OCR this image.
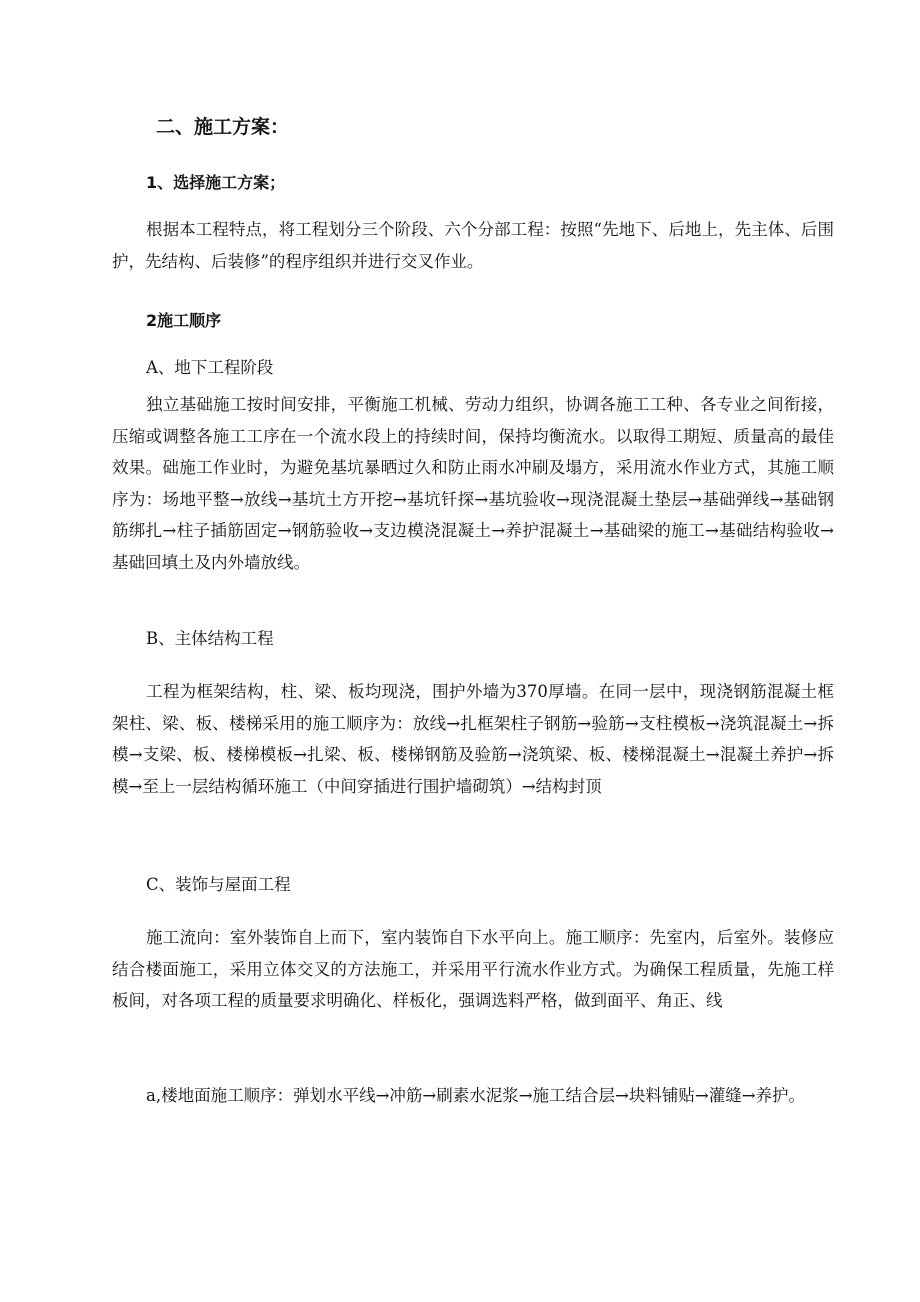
二、施工方案：
1、选择施工方案；

根据本工程特点，将工程划分三个阶段、六个分部工程：按照“先地下、后地上，先主体、后围护，先结构、后装修”的程序组织并进行交叉作业。

2施工顺序

A、地下工程阶段

独立基础施工按时间安排，平衡施工机械、劳动力组织，协调各施工工种、各专业之间衔接，压缩或调整各施工工序在一个流水段上的持续时间，保持均衡流水。以取得工期短、质量高的最佳效果。础施工作业时，为避免基坑暴晒过久和防止雨水冲刷及塌方，采用流水作业方式，其施工顺序为：场地平整→放线→基坑土方开挖→基坑钎探→基坑验收→现浇混凝土垫层→基础弹线→基础钢筋绑扎→柱子插筋固定→钢筋验收→支边模浇混凝土→养护混凝土→基础梁的施工→基础结构验收→基础回填土及内外墙放线。

B、主体结构工程

工程为框架结构，柱、梁、板均现浇，围护外墙为370厚墙。在同一层中，现浇钢筋混凝土框架柱、梁、板、楼梯采用的施工顺序为：放线→扎框架柱子钢筋→验筋→支柱模板→浇筑混凝土→拆模→支梁、板、楼梯模板→扎梁、板、楼梯钢筋及验筋→浇筑梁、板、楼梯混凝土→混凝土养护→拆模→至上一层结构循环施工（中间穿插进行围护墙砌筑）→结构封顶

C、装饰与屋面工程

施工流向：室外装饰自上而下，室内装饰自下水平向上。施工顺序：先室内，后室外。装修应结合楼面施工，采用立体交叉的方法施工，并采用平行流水作业方式。为确保工程质量，先施工样板间，对各项工程的质量要求明确化、样板化，强调选料严格，做到面平、角正、线

a,楼地面施工顺序：弹划水平线→冲筋→刷素水泥浆→施工结合层→块料铺贴→灌缝→养护。
